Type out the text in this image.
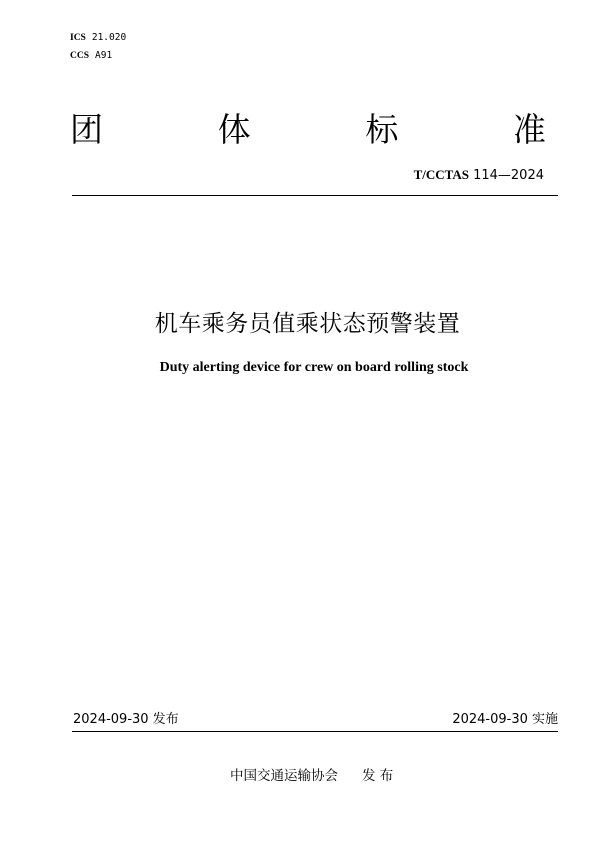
ICS 21.020
CCS A91
团	体	标	准
T/CCTAS 114—2024
机车乘务员值乘状态预警装置
Duty alerting device for crew on board rolling stock
2024-09-30 发布	2024-09-30 实施
中国交通运输协会 发 布
